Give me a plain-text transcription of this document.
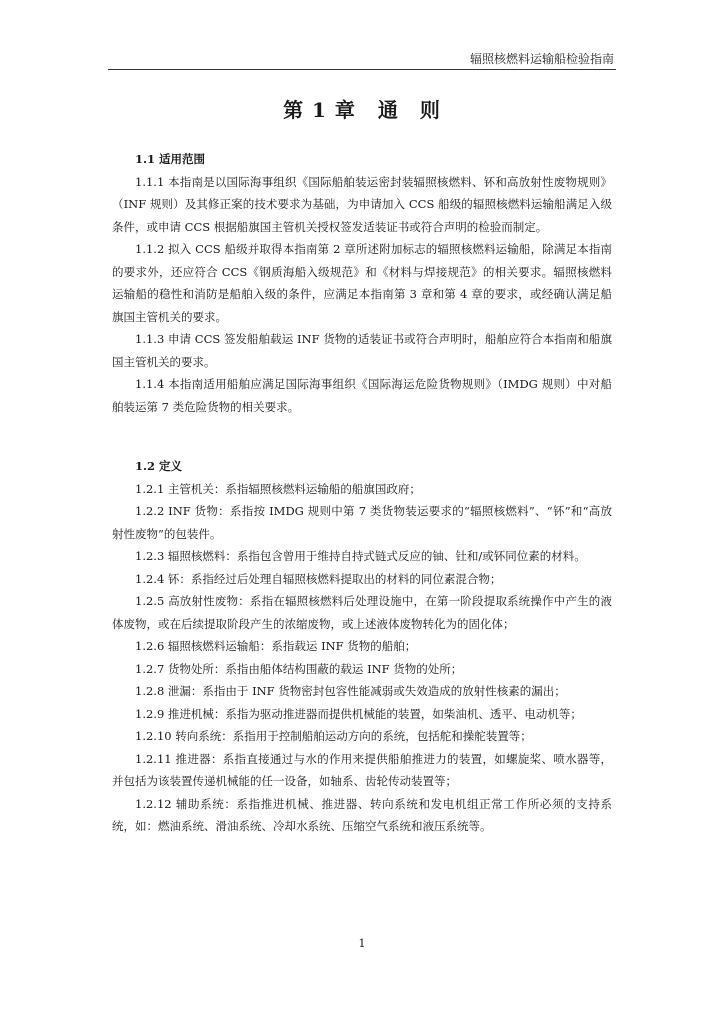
辐照核燃料运输船检验指南
第 1 章 通　则

1.1 适用范围

1.1.1 本指南是以国际海事组织《国际船舶装运密封装辐照核燃料、钚和高放射性废物规则》（INF 规则）及其修正案的技术要求为基础，为申请加入 CCS 船级的辐照核燃料运输船满足入级条件，或申请 CCS 根据船旗国主管机关授权签发适装证书或符合声明的检验而制定。

1.1.2 拟入 CCS 船级并取得本指南第 2 章所述附加标志的辐照核燃料运输船，除满足本指南的要求外，还应符合 CCS《钢质海船入级规范》和《材料与焊接规范》的相关要求。辐照核燃料运输船的稳性和消防是船舶入级的条件，应满足本指南第 3 章和第 4 章的要求，或经确认满足船旗国主管机关的要求。

1.1.3 申请 CCS 签发船舶载运 INF 货物的适装证书或符合声明时，船舶应符合本指南和船旗国主管机关的要求。

1.1.4 本指南适用船舶应满足国际海事组织《国际海运危险货物规则》（IMDG 规则）中对船舶装运第 7 类危险货物的相关要求。

1.2 定义

1.2.1 主管机关：系指辐照核燃料运输船的船旗国政府；

1.2.2 INF 货物：系指按 IMDG 规则中第 7 类货物装运要求的“辐照核燃料”、“钚”和“高放射性废物”的包装件。

1.2.3 辐照核燃料：系指包含曾用于维持自持式链式反应的铀、钍和/或钚同位素的材料。

1.2.4 钚：系指经过后处理自辐照核燃料提取出的材料的同位素混合物；

1.2.5 高放射性废物：系指在辐照核燃料后处理设施中，在第一阶段提取系统操作中产生的液体废物，或在后续提取阶段产生的浓缩废物，或上述液体废物转化为的固化体；

1.2.6 辐照核燃料运输船：系指载运 INF 货物的船舶；

1.2.7 货物处所：系指由船体结构围蔽的载运 INF 货物的处所；

1.2.8 泄漏：系指由于 INF 货物密封包容性能减弱或失效造成的放射性核素的漏出；

1.2.9 推进机械：系指为驱动推进器而提供机械能的装置，如柴油机、透平、电动机等；

1.2.10 转向系统：系指用于控制船舶运动方向的系统，包括舵和操舵装置等；

1.2.11 推进器：系指直接通过与水的作用来提供船舶推进力的装置，如螺旋桨、喷水器等，并包括为该装置传递机械能的任一设备，如轴系、齿轮传动装置等；

1.2.12 辅助系统：系指推进机械、推进器、转向系统和发电机组正常工作所必须的支持系统，如：燃油系统、滑油系统、冷却水系统、压缩空气系统和液压系统等。

1
